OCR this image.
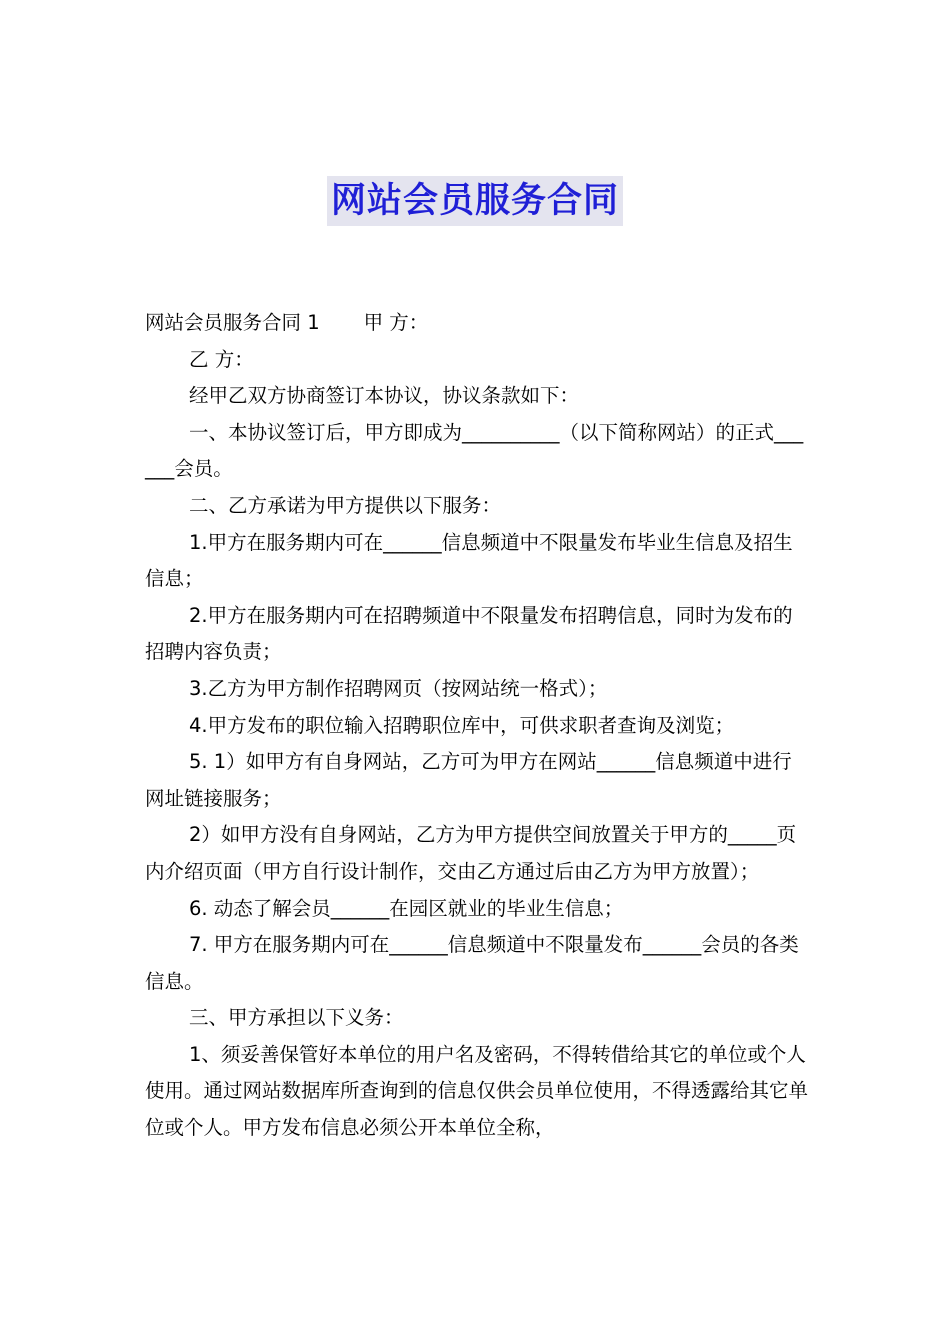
网站会员服务合同

网站会员服务合同 1 甲 方：

乙 方：

经甲乙双方协商签订本协议，协议条款如下：

一、本协议签订后，甲方即成为__________（以下简称网站）的正式______会员。

二、乙方承诺为甲方提供以下服务：

1.甲方在服务期内可在______信息频道中不限量发布毕业生信息及招生信息；

2.甲方在服务期内可在招聘频道中不限量发布招聘信息，同时为发布的招聘内容负责；

3.乙方为甲方制作招聘网页（按网站统一格式）；

4.甲方发布的职位输入招聘职位库中，可供求职者查询及浏览；

5. 1）如甲方有自身网站，乙方可为甲方在网站______信息频道中进行网址链接服务；

2）如甲方没有自身网站，乙方为甲方提供空间放置关于甲方的_____页内介绍页面（甲方自行设计制作，交由乙方通过后由乙方为甲方放置）；

6. 动态了解会员______在园区就业的毕业生信息；

7. 甲方在服务期内可在______信息频道中不限量发布______会员的各类信息。

三、甲方承担以下义务：

1、须妥善保管好本单位的用户名及密码，不得转借给其它的单位或个人使用。通过网站数据库所查询到的信息仅供会员单位使用，不得透露给其它单位或个人。甲方发布信息必须公开本单位全称，
